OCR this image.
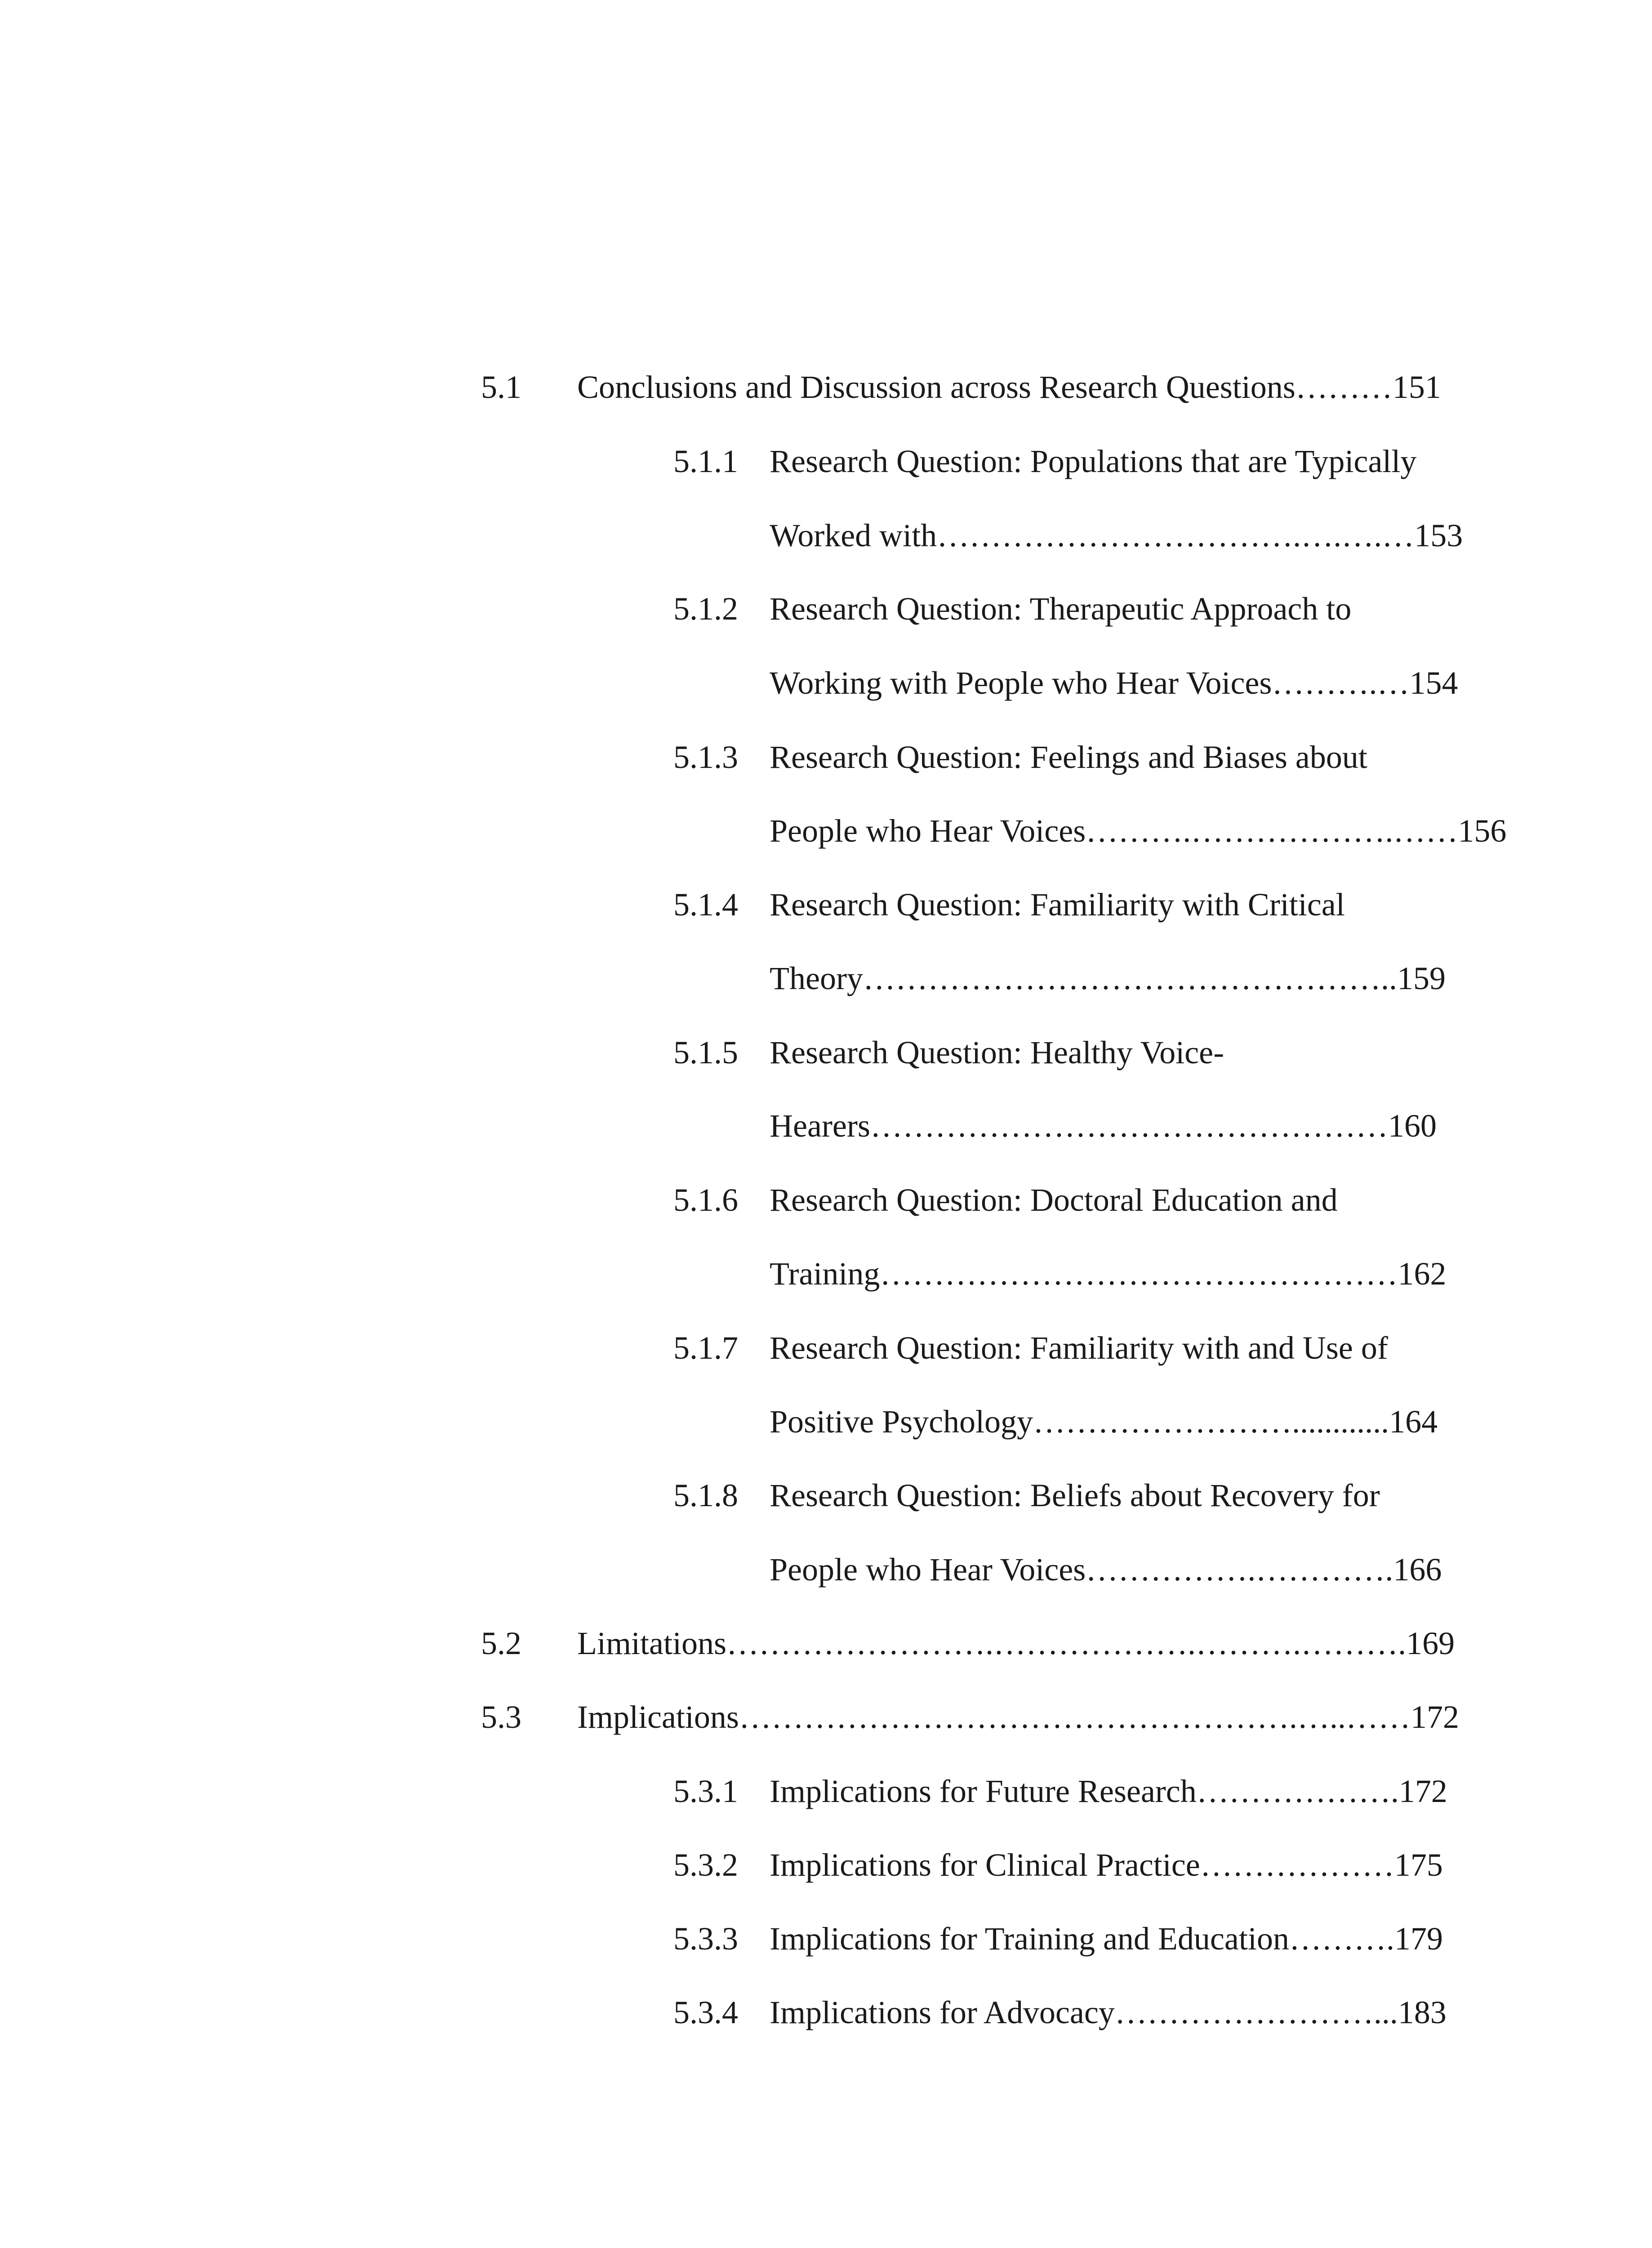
5.1 Conclusions and Discussion across Research Questions………151
5.1.1 Research Question: Populations that are Typically
Worked with…………………………….….….…153
5.1.2 Research Question: Therapeutic Approach to
Working with People who Hear Voices……….…154
5.1.3 Research Question: Feelings and Biases about
People who Hear Voices……….……………….……156
5.1.4 Research Question: Familiarity with Critical
Theory…………………………………………..159
5.1.5 Research Question: Healthy Voice-
Hearers…………………………………………160
5.1.6 Research Question: Doctoral Education and
Training…………………………………………162
5.1.7 Research Question: Familiarity with and Use of
Positive Psychology……………………............164
5.1.8 Research Question: Beliefs about Recovery for
People who Hear Voices…………….………….166
5.2 Limitations…………………….……………….……….……….169
5.3 Implications…………………………………………….…..……172
5.3.1 Implications for Future Research……………….172
5.3.2 Implications for Clinical Practice………………175
5.3.3 Implications for Training and Education……….179
5.3.4 Implications for Advocacy……………………...183
